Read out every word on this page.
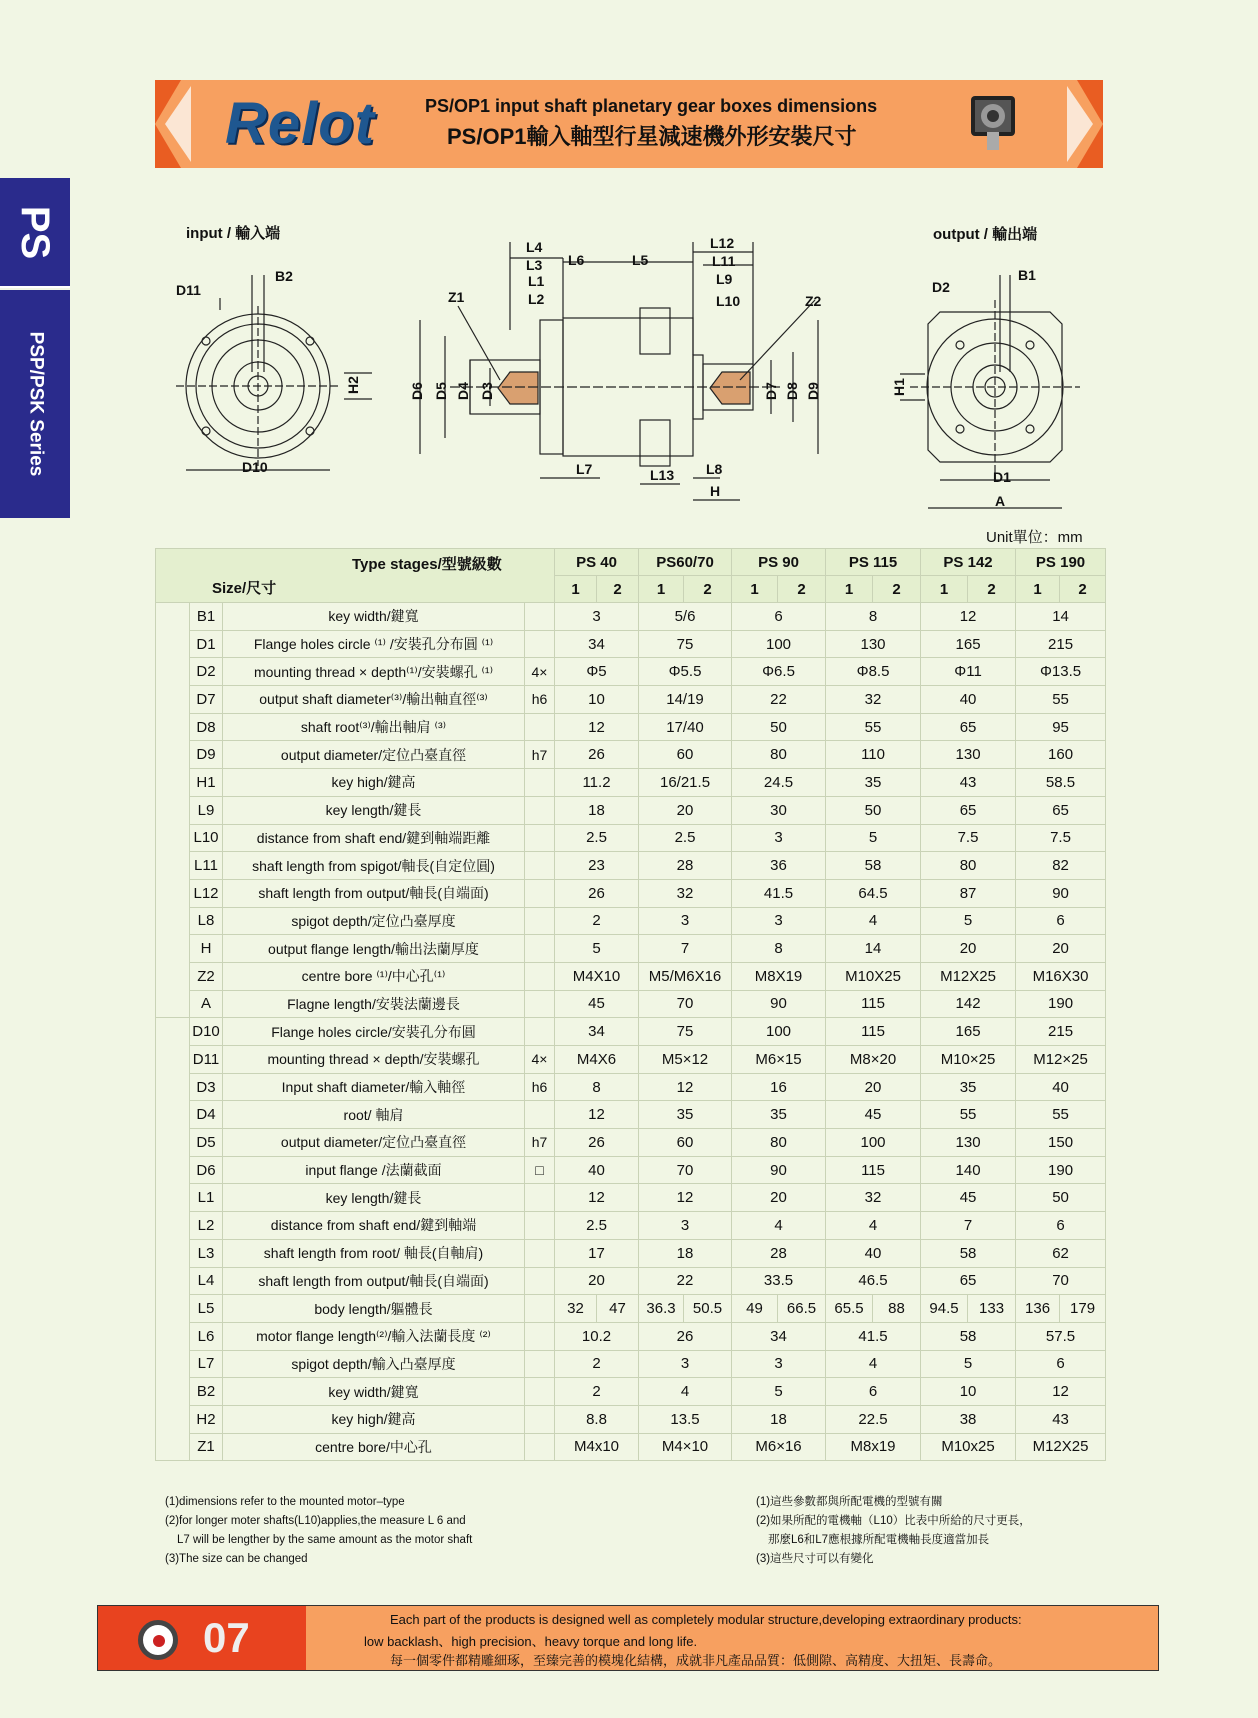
PS
PSP/PSK Series
Relot	PS/OP1 input shaft planetary gear boxes dimensions
PS/OP1輸入軸型行星減速機外形安裝尺寸
input / 輸入端	output / 輸出端
D11
B2
D10
H2
Z1
L4
L3
L1
L2
L6	L5
L12
L11
L9
L10	Z2
D6 D5 D4 D3	D7 D8 D9
L7	L13 L8
H
D2
B1
H1
D1
A
Unit單位：mm
Type stages/型號級數
Size/尺寸				PS 40		PS60/70		PS 90		PS 115		PS 142		PS 190	
				1	2	1	2	1	2	1	2	1	2	1	2
	B1	key width/鍵寬		3		5/6		6		8		12		14	
	D1	Flange holes circle ⁽¹⁾ /安裝孔分布圓 ⁽¹⁾		34		75		100		130		165		215	
	D2	mounting thread × depth⁽¹⁾/安裝螺孔 ⁽¹⁾	4×	Φ5		Φ5.5		Φ6.5		Φ8.5		Φ11		Φ13.5	
	D7	output shaft diameter⁽³⁾/輸出軸直徑⁽³⁾	h6	10		14/19		22		32		40		55	
	D8	shaft root⁽³⁾/輸出軸肩 ⁽³⁾		12		17/40		50		55		65		95	
	D9	output diameter/定位凸臺直徑	h7	26		60		80		110		130		160	
	H1	key high/鍵高		11.2		16/21.5		24.5		35		43		58.5	
	L9	key length/鍵長		18		20		30		50		65		65	
	L10	distance from shaft end/鍵到軸端距離		2.5		2.5		3		5		7.5		7.5	
	L11	shaft length from spigot/軸長(自定位圓)		23		28		36		58		80		82	
	L12	shaft length from output/軸長(自端面)		26		32		41.5		64.5		87		90	
	L8	spigot depth/定位凸臺厚度		2		3		3		4		5		6	
	H	output flange length/輸出法蘭厚度		5		7		8		14		20		20	
	Z2	centre bore ⁽¹⁾/中心孔⁽¹⁾		M4X10		M5/M6X16		M8X19		M10X25		M12X25		M16X30	
	A	Flagne length/安裝法蘭邊長		45		70		90		115		142		190	
	D10	Flange holes circle/安裝孔分布圓		34		75		100		115		165		215	
	D11	mounting thread × depth/安裝螺孔	4×	M4X6		M5×12		M6×15		M8×20		M10×25		M12×25	
	D3	Input shaft diameter/輸入軸徑	h6	8		12		16		20		35		40	
	D4	root/ 軸肩		12		35		35		45		55		55	
	D5	output diameter/定位凸臺直徑	h7	26		60		80		100		130		150	
	D6	input flange /法蘭截面	□	40		70		90		115		140		190	
	L1	key length/鍵長		12		12		20		32		45		50	
	L2	distance from shaft end/鍵到軸端		2.5		3		4		4		7		6	
	L3	shaft length from root/ 軸長(自軸肩)		17		18		28		40		58		62	
	L4	shaft length from output/軸長(自端面)		20		22		33.5		46.5		65		70	
	L5	body length/軀體長		32	47	36.3	50.5	49	66.5	65.5	88	94.5	133	136	179
	L6	motor flange length⁽²⁾/輸入法蘭長度 ⁽²⁾		10.2		26		34		41.5		58		57.5	
	L7	spigot depth/輸入凸臺厚度		2		3		3		4		5		6	
	B2	key width/鍵寬		2		4		5		6		10		12	
	H2	key high/鍵高		8.8		13.5		18		22.5		38		43	
	Z1	centre bore/中心孔		M4x10		M4×10		M6×16		M8x19		M10x25		M12X25	
(1)dimensions refer to the mounted motor–type
(2)for longer moter shafts(L10)applies,the measure L 6 and
L7 will be lengther by the same amount as the motor shaft
(3)The size can be changed
(1)這些參數都與所配電機的型號有關
(2)如果所配的電機軸（L10）比表中所給的尺寸更長，
那麼L6和L7應根據所配電機軸長度適當加長
(3)這些尺寸可以有變化
07	Each part of the products is designed well as completely modular structure,developing extraordinary products:
low backlash、high precision、heavy torque and long life.
每一個零件都精雕細琢，至臻完善的模塊化結構，成就非凡產品品質：低側隙、高精度、大扭矩、長壽命。
